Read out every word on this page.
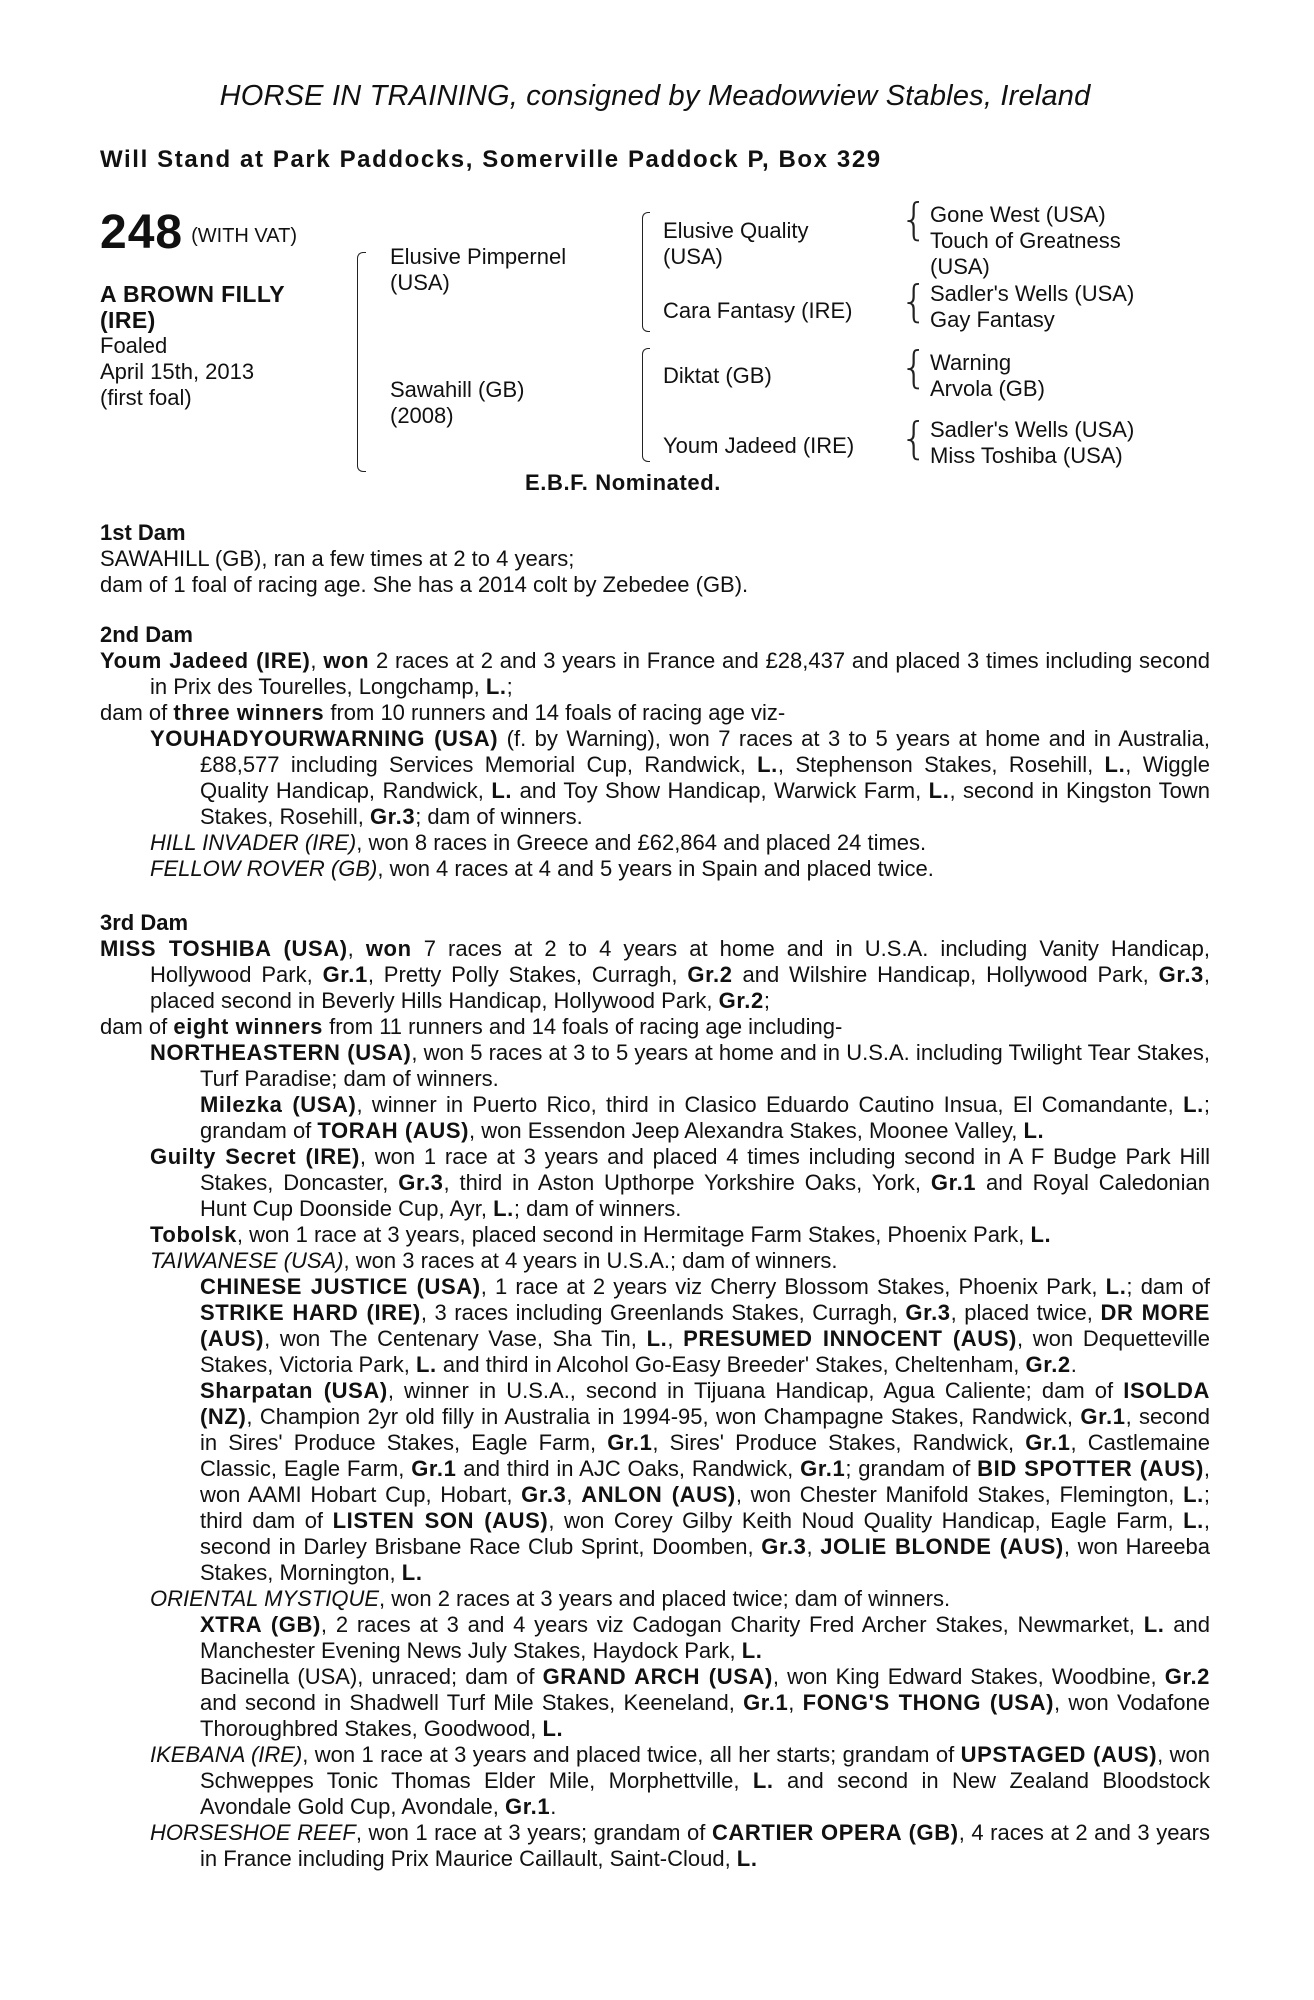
HORSE IN TRAINING, consigned by Meadowview Stables, Ireland
Will Stand at Park Paddocks, Somerville Paddock P, Box 329
248 (WITH VAT)
A BROWN FILLY
(IRE)
Foaled
April 15th, 2013
(first foal)
Elusive Pimpernel
(USA)
Sawahill (GB)
(2008)
Elusive Quality
(USA)
Cara Fantasy (IRE)
Diktat (GB)
Youm Jadeed (IRE)
{ Gone West (USA)
Touch of Greatness
(USA)
{ Sadler's Wells (USA)
Gay Fantasy
{ Warning
Arvola (GB)
{ Sadler's Wells (USA)
Miss Toshiba (USA)
E.B.F. Nominated.
1st Dam
SAWAHILL (GB), ran a few times at 2 to 4 years;
dam of 1 foal of racing age. She has a 2014 colt by Zebedee (GB).
2nd Dam
Youm Jadeed (IRE), won 2 races at 2 and 3 years in France and £28,437 and placed 3 times including second in Prix des Tourelles, Longchamp, L.;
dam of three winners from 10 runners and 14 foals of racing age viz-
YOUHADYOURWARNING (USA) (f. by Warning), won 7 races at 3 to 5 years at home and in Australia, £88,577 including Services Memorial Cup, Randwick, L., Stephenson Stakes, Rosehill, L., Wiggle Quality Handicap, Randwick, L. and Toy Show Handicap, Warwick Farm, L., second in Kingston Town Stakes, Rosehill, Gr.3; dam of winners.
HILL INVADER (IRE), won 8 races in Greece and £62,864 and placed 24 times.
FELLOW ROVER (GB), won 4 races at 4 and 5 years in Spain and placed twice.
3rd Dam
MISS TOSHIBA (USA), won 7 races at 2 to 4 years at home and in U.S.A. including Vanity Handicap, Hollywood Park, Gr.1, Pretty Polly Stakes, Curragh, Gr.2 and Wilshire Handicap, Hollywood Park, Gr.3, placed second in Beverly Hills Handicap, Hollywood Park, Gr.2;
dam of eight winners from 11 runners and 14 foals of racing age including-
NORTHEASTERN (USA), won 5 races at 3 to 5 years at home and in U.S.A. including Twilight Tear Stakes, Turf Paradise; dam of winners.
Milezka (USA), winner in Puerto Rico, third in Clasico Eduardo Cautino Insua, El Comandante, L.; grandam of TORAH (AUS), won Essendon Jeep Alexandra Stakes, Moonee Valley, L.
Guilty Secret (IRE), won 1 race at 3 years and placed 4 times including second in A F Budge Park Hill Stakes, Doncaster, Gr.3, third in Aston Upthorpe Yorkshire Oaks, York, Gr.1 and Royal Caledonian Hunt Cup Doonside Cup, Ayr, L.; dam of winners.
Tobolsk, won 1 race at 3 years, placed second in Hermitage Farm Stakes, Phoenix Park, L.
TAIWANESE (USA), won 3 races at 4 years in U.S.A.; dam of winners.
CHINESE JUSTICE (USA), 1 race at 2 years viz Cherry Blossom Stakes, Phoenix Park, L.; dam of STRIKE HARD (IRE), 3 races including Greenlands Stakes, Curragh, Gr.3, placed twice, DR MORE (AUS), won The Centenary Vase, Sha Tin, L., PRESUMED INNOCENT (AUS), won Dequetteville Stakes, Victoria Park, L. and third in Alcohol Go-Easy Breeder' Stakes, Cheltenham, Gr.2.
Sharpatan (USA), winner in U.S.A., second in Tijuana Handicap, Agua Caliente; dam of ISOLDA (NZ), Champion 2yr old filly in Australia in 1994-95, won Champagne Stakes, Randwick, Gr.1, second in Sires' Produce Stakes, Eagle Farm, Gr.1, Sires' Produce Stakes, Randwick, Gr.1, Castlemaine Classic, Eagle Farm, Gr.1 and third in AJC Oaks, Randwick, Gr.1; grandam of BID SPOTTER (AUS), won AAMI Hobart Cup, Hobart, Gr.3, ANLON (AUS), won Chester Manifold Stakes, Flemington, L.; third dam of LISTEN SON (AUS), won Corey Gilby Keith Noud Quality Handicap, Eagle Farm, L., second in Darley Brisbane Race Club Sprint, Doomben, Gr.3, JOLIE BLONDE (AUS), won Hareeba Stakes, Mornington, L.
ORIENTAL MYSTIQUE, won 2 races at 3 years and placed twice; dam of winners.
XTRA (GB), 2 races at 3 and 4 years viz Cadogan Charity Fred Archer Stakes, Newmarket, L. and Manchester Evening News July Stakes, Haydock Park, L.
Bacinella (USA), unraced; dam of GRAND ARCH (USA), won King Edward Stakes, Woodbine, Gr.2 and second in Shadwell Turf Mile Stakes, Keeneland, Gr.1, FONG'S THONG (USA), won Vodafone Thoroughbred Stakes, Goodwood, L.
IKEBANA (IRE), won 1 race at 3 years and placed twice, all her starts; grandam of UPSTAGED (AUS), won Schweppes Tonic Thomas Elder Mile, Morphettville, L. and second in New Zealand Bloodstock Avondale Gold Cup, Avondale, Gr.1.
HORSESHOE REEF, won 1 race at 3 years; grandam of CARTIER OPERA (GB), 4 races at 2 and 3 years in France including Prix Maurice Caillault, Saint-Cloud, L.
